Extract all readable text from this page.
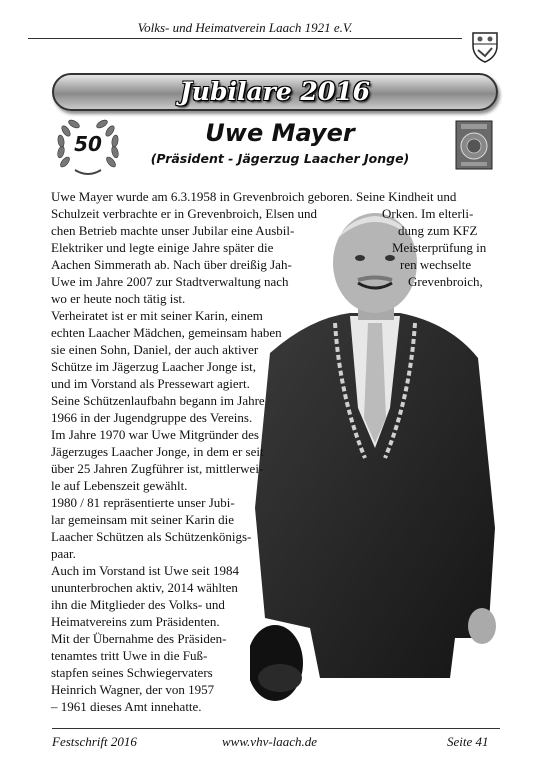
Volks- und Heimatverein Laach 1921 e.V.
Jubilare 2016
50	Uwe Mayer
(Präsident - Jägerzug Laacher Jonge)
Uwe Mayer wurde am 6.3.1958 in Grevenbroich geboren. Seine Kindheit und
Schulzeit verbrachte er in Grevenbroich, Elsen und
chen Betrieb machte unser Jubilar eine Ausbil-
Elektriker und legte einige Jahre später die
Aachen Simmerath ab. Nach über dreißig Jah-
Uwe im Jahre 2007 zur Stadtverwaltung nach
wo er heute noch tätig ist.
Verheiratet ist er mit seiner Karin, einem
echten Laacher Mädchen, gemeinsam haben
sie einen Sohn, Daniel, der auch aktiver
Schütze im Jägerzug Laacher Jonge ist,
und im Vorstand als Pressewart agiert.
Seine Schützenlaufbahn begann im Jahre
1966 in der Jugendgruppe des Vereins.
Im Jahre 1970 war Uwe Mitgründer des
Jägerzuges Laacher Jonge, in dem er seit
über 25 Jahren Zugführer ist, mittlerwei-
le auf Lebenszeit gewählt.
1980 / 81 repräsentierte unser Jubi-
lar gemeinsam mit seiner Karin die
Laacher Schützen als Schützenkönigs-
paar.
Auch im Vorstand ist Uwe seit 1984
ununterbrochen aktiv, 2014 wählten
ihn die Mitglieder des Volks- und
Heimatvereins zum Präsidenten.
Mit der Übernahme des Präsiden-
tenamtes tritt Uwe in die Fuß-
stapfen seines Schwiegervaters
Heinrich Wagner, der von 1957
– 1961 dieses Amt innehatte.
Orken. Im elterli-
dung zum KFZ
Meisterprüfung in
ren wechselte
Grevenbroich,
Festschrift 2016	www.vhv-laach.de	Seite 41
